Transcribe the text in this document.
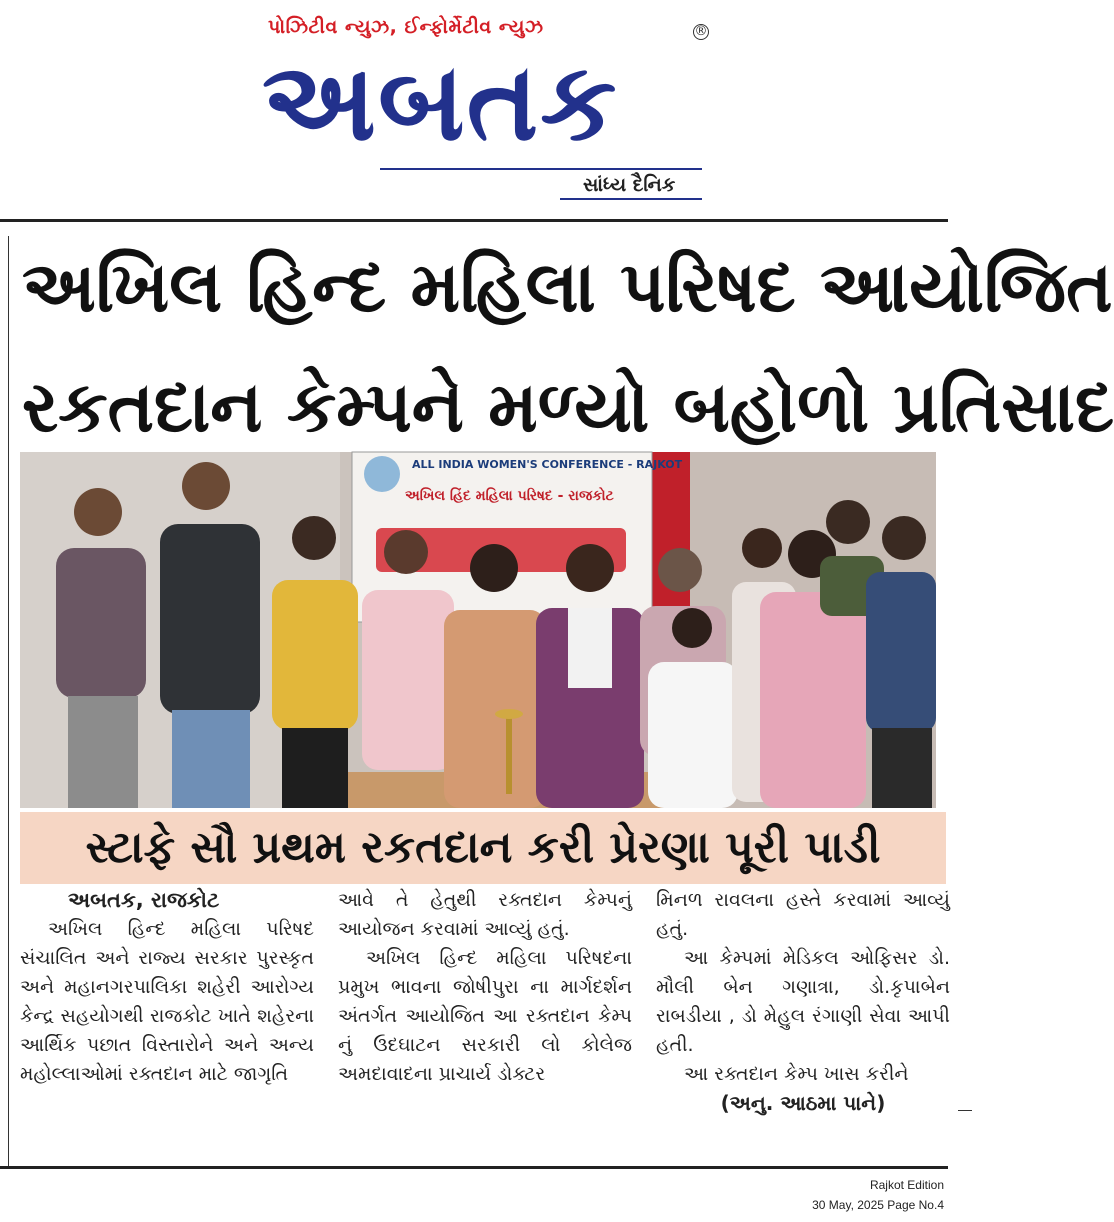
પોઝિટીવ ન્યુઝ, ઈન્ફોર્મેટીવ ન્યુઝ	®
અબતક
સાંધ્ય દૈનિક
અખિલ હિન્દ મહિલા પરિષદ આયોજિત
રકતદાન કેમ્પને મળ્યો બહોળો પ્રતિસાદ
ALL INDIA WOMEN'S CONFERENCE - RAJKOT
અખિલ હિંદ મહિલા પરિષદ - રાજકોટ
સ્ટાફે સૌ પ્રથમ રકતદાન કરી પ્રેરણા પૂરી પાડી

અબતક, રાજકોટ

અખિલ હિન્દ મહિલા પરિષદ સંચાલિત અને રાજ્ય સરકાર પુરસ્કૃત અને મહાનગરપાલિકા શહેરી આરોગ્ય કેન્દ્ર સહયોગથી રાજકોટ ખાતે શહેરના આર્થિક પછાત વિસ્તારોને અને અન્ય મહોલ્લાઓમાં રક્તદાન માટે જાગૃતિ

આવે તે હેતુથી રક્તદાન કેમ્પનું આયોજન કરવામાં આવ્યું હતું.

અખિલ હિન્દ મહિલા પરિષદના પ્રમુખ ભાવના જોષીપુરા ના માર્ગદર્શન અંતર્ગત આયોજિત આ રક્તદાન કેમ્પ નું ઉદઘાટન સરકારી લો કોલેજ અમદાવાદના પ્રાચાર્ય ડોક્ટર

મિનળ રાવલના હસ્તે કરવામાં આવ્યું હતું.

આ કેમ્પમાં મેડિકલ ઓફિસર ડો. મૌલી બેન ગણાત્રા, ડો.કૃપાબેન રાબડીયા , ડો મેહુલ રંગાણી સેવા આપી હતી.

આ રક્તદાન કેમ્પ ખાસ કરીને

(અનુ. આઠમા પાને)

Rajkot Edition
30 May, 2025 Page No.4
